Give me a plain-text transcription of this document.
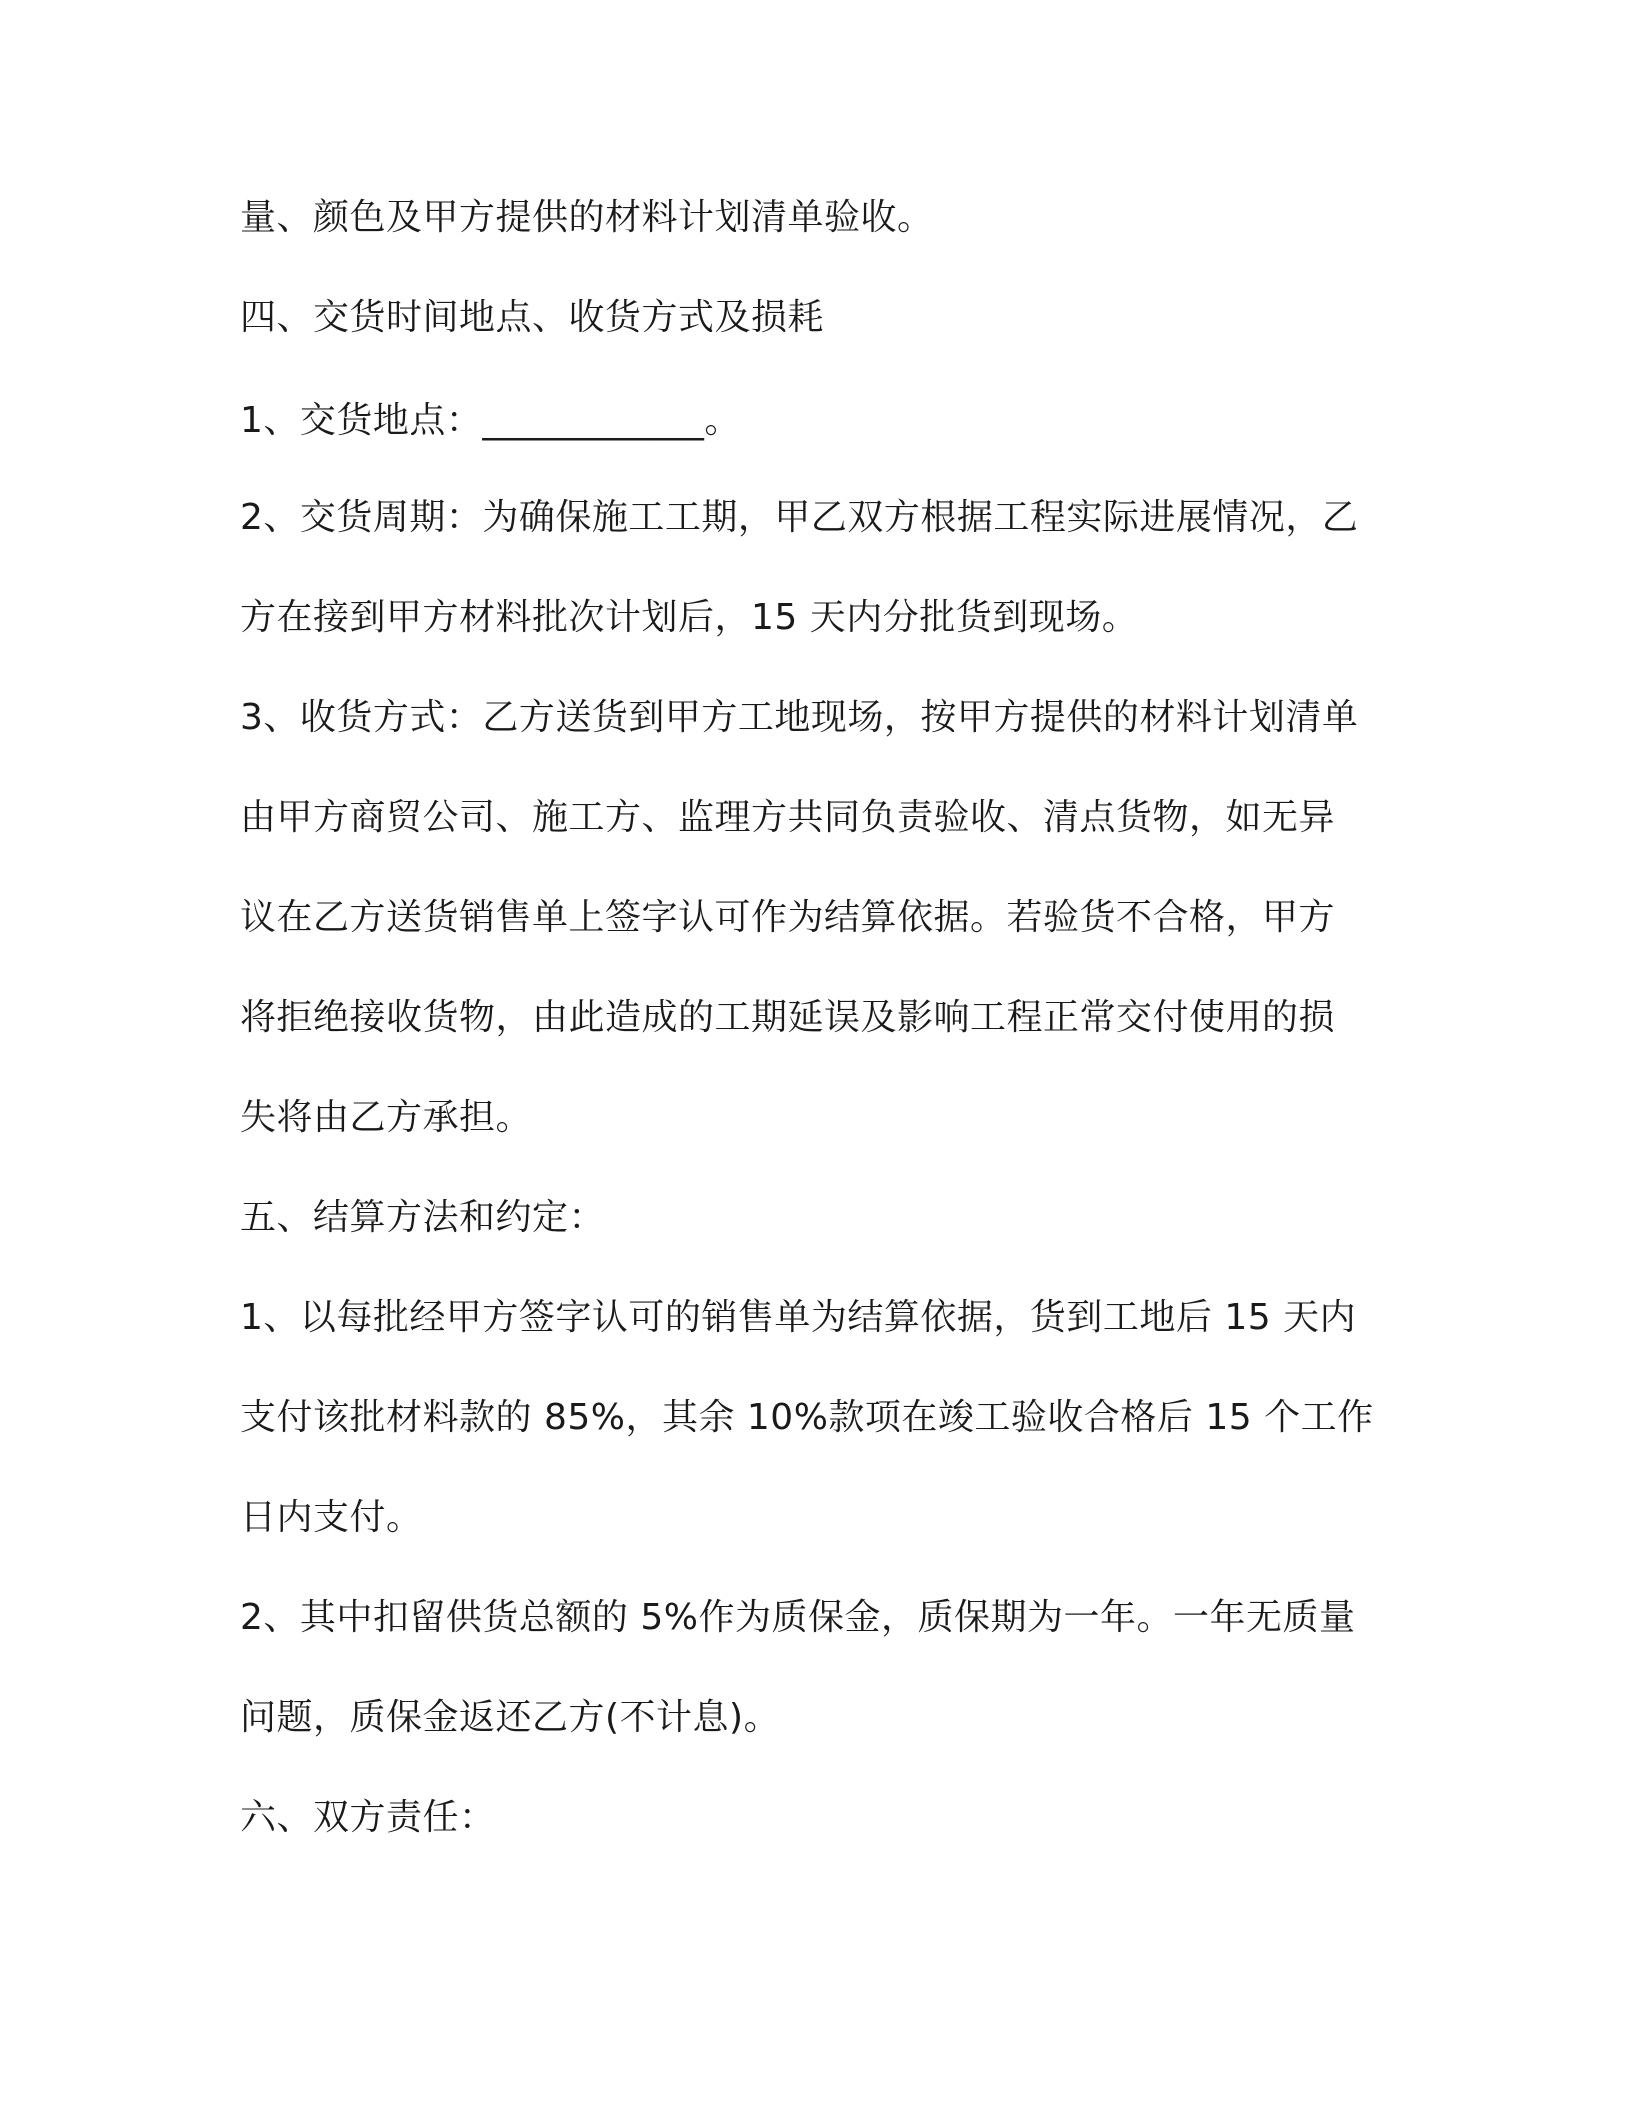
量、颜色及甲方提供的材料计划清单验收。

四、交货时间地点、收货方式及损耗

1、交货地点：____________。

2、交货周期：为确保施工工期，甲乙双方根据工程实际进展情况，乙

方在接到甲方材料批次计划后，15 天内分批货到现场。

3、收货方式：乙方送货到甲方工地现场，按甲方提供的材料计划清单

由甲方商贸公司、施工方、监理方共同负责验收、清点货物，如无异

议在乙方送货销售单上签字认可作为结算依据。若验货不合格，甲方

将拒绝接收货物，由此造成的工期延误及影响工程正常交付使用的损

失将由乙方承担。

五、结算方法和约定：

1、以每批经甲方签字认可的销售单为结算依据，货到工地后 15 天内

支付该批材料款的 85%，其余 10%款项在竣工验收合格后 15 个工作

日内支付。

2、其中扣留供货总额的 5%作为质保金，质保期为一年。一年无质量

问题，质保金返还乙方(不计息)。

六、双方责任：
